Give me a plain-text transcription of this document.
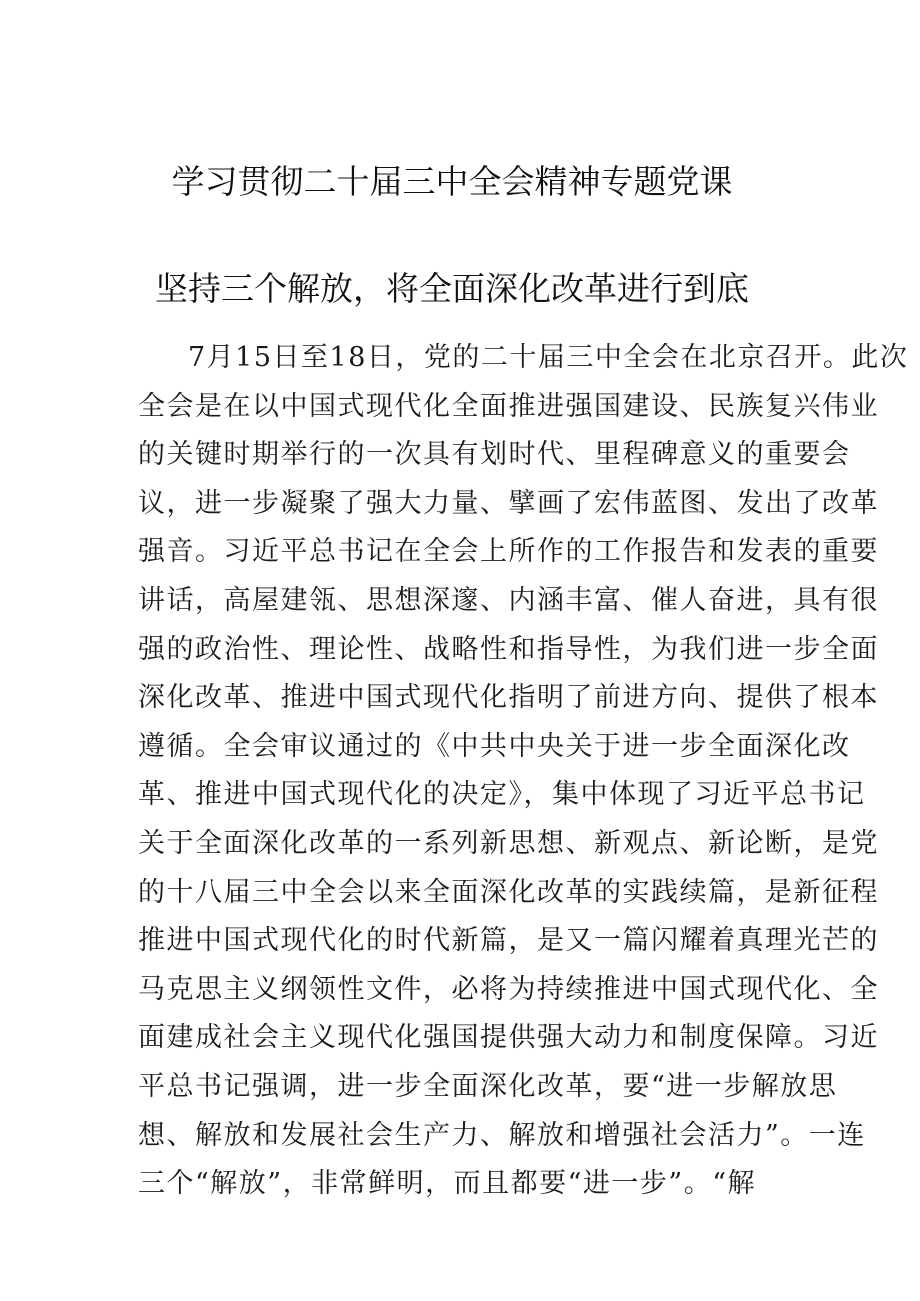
学习贯彻二十届三中全会精神专题党课
坚持三个解放，将全面深化改革进行到底
7月15日至18日，党的二十届三中全会在北京召开。此次
全会是在以中国式现代化全面推进强国建设、民族复兴伟业
的关键时期举行的一次具有划时代、里程碑意义的重要会
议，进一步凝聚了强大力量、擘画了宏伟蓝图、发出了改革
强音。习近平总书记在全会上所作的工作报告和发表的重要
讲话，高屋建瓴、思想深邃、内涵丰富、催人奋进，具有很
强的政治性、理论性、战略性和指导性，为我们进一步全面
深化改革、推进中国式现代化指明了前进方向、提供了根本
遵循。全会审议通过的《中共中央关于进一步全面深化改
革、推进中国式现代化的决定》，集中体现了习近平总书记
关于全面深化改革的一系列新思想、新观点、新论断，是党
的十八届三中全会以来全面深化改革的实践续篇，是新征程
推进中国式现代化的时代新篇，是又一篇闪耀着真理光芒的
马克思主义纲领性文件，必将为持续推进中国式现代化、全
面建成社会主义现代化强国提供强大动力和制度保障。习近
平总书记强调，进一步全面深化改革，要“进一步解放思
想、解放和发展社会生产力、解放和增强社会活力”。一连
三个“解放”，非常鲜明，而且都要“进一步”。“解
